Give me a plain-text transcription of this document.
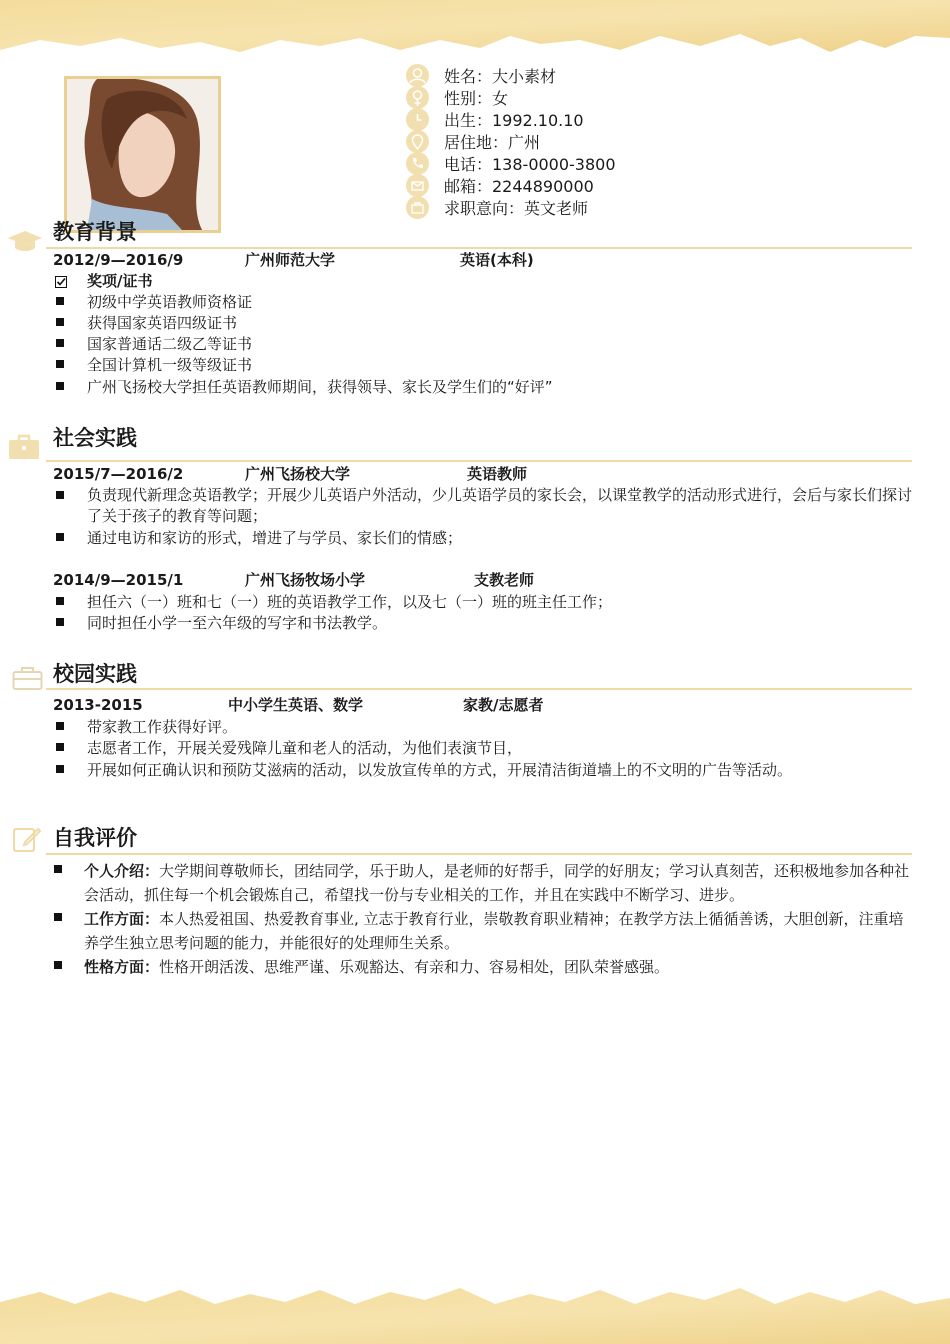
姓名：大小素材
性别：女
出生：1992.10.10
居住地：广州
电话：138-0000-3800
邮箱：2244890000
求职意向：英文老师
教育背景
2012/9—2016/9	广州师范大学	英语(本科)
奖项/证书
初级中学英语教师资格证
获得国家英语四级证书
国家普通话二级乙等证书
全国计算机一级等级证书
广州飞扬校大学担任英语教师期间，获得领导、家长及学生们的“好评”
社会实践
2015/7—2016/2	广州飞扬校大学	英语教师
负责现代新理念英语教学；开展少儿英语户外活动，少儿英语学员的家长会，以课堂教学的活动形式进行，会后与家长们探讨了关于孩子的教育等问题；
通过电访和家访的形式，增进了与学员、家长们的情感；
2014/9—2015/1	广州飞扬牧场小学	支教老师
担任六（一）班和七（一）班的英语教学工作，以及七（一）班的班主任工作；
同时担任小学一至六年级的写字和书法教学。
校园实践
2013-2015	中小学生英语、数学	家教/志愿者
带家教工作获得好评。
志愿者工作，开展关爱残障儿童和老人的活动，为他们表演节目，
开展如何正确认识和预防艾滋病的活动，以发放宣传单的方式，开展清洁街道墙上的不文明的广告等活动。
自我评价
个人介绍：大学期间尊敬师长，团结同学，乐于助人，是老师的好帮手，同学的好朋友；学习认真刻苦，还积极地参加各种社会活动，抓住每一个机会锻炼自己，希望找一份与专业相关的工作，并且在实践中不断学习、进步。
工作方面：本人热爱祖国、热爱教育事业, 立志于教育行业，崇敬教育职业精神；在教学方法上循循善诱，大胆创新，注重培养学生独立思考问题的能力，并能很好的处理师生关系。
性格方面：性格开朗活泼、思维严谨、乐观豁达、有亲和力、容易相处，团队荣誉感强。
